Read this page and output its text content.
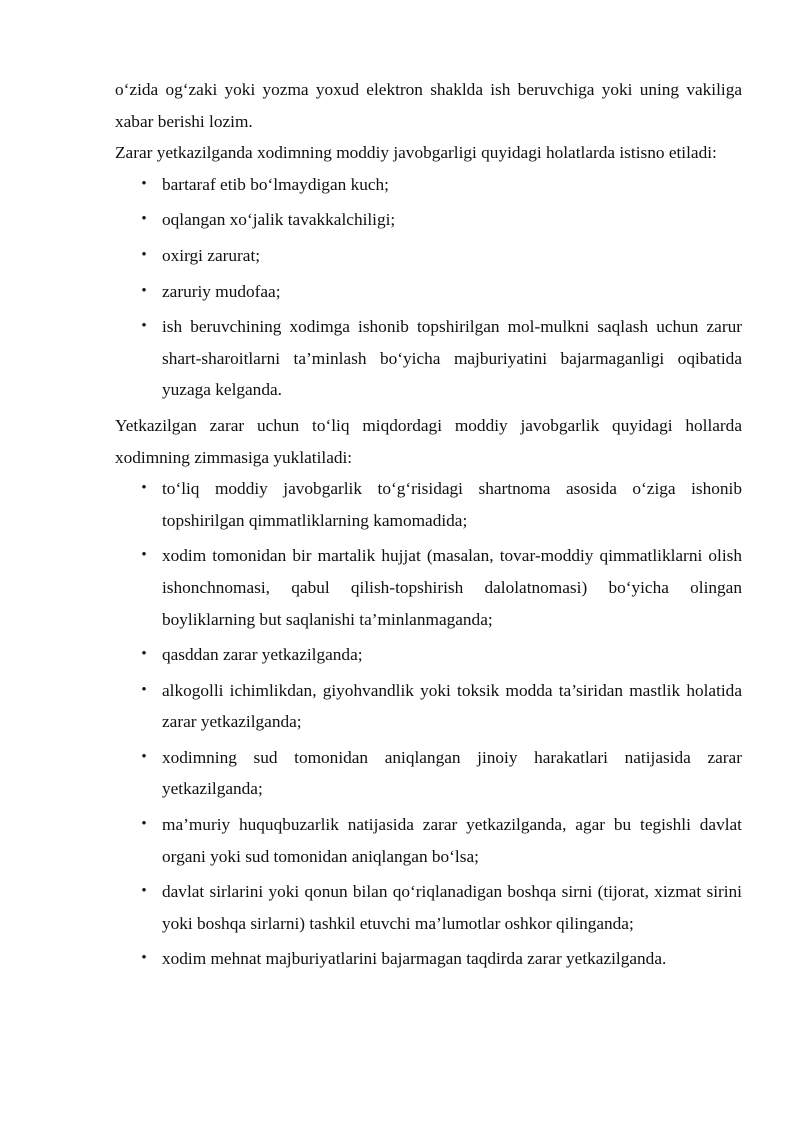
o‘zida og‘zaki yoki yozma yoxud elektron shaklda ish beruvchiga yoki uning vakiliga xabar berishi lozim.

Zarar yetkazilganda xodimning moddiy javobgarligi quyidagi holatlarda istisno etiladi:

• bartaraf etib bo‘lmaydigan kuch;
• oqlangan xo‘jalik tavakkalchiligi;
• oxirgi zarurat;
• zaruriy mudofaa;
• ish beruvchining xodimga ishonib topshirilgan mol-mulkni saqlash uchun zarur shart-sharoitlarni ta’minlash bo‘yicha majburiyatini bajarmaganligi oqibatida yuzaga kelganda.

Yetkazilgan zarar uchun to‘liq miqdordagi moddiy javobgarlik quyidagi hollarda xodimning zimmasiga yuklatiladi:

• to‘liq moddiy javobgarlik to‘g‘risidagi shartnoma asosida o‘ziga ishonib topshirilgan qimmatliklarning kamomadida;
• xodim tomonidan bir martalik hujjat (masalan, tovar-moddiy qimmatliklarni olish ishonchnomasi, qabul qilish-topshirish dalolatnomasi) bo‘yicha olingan boyliklarning but saqlanishi ta’minlanmaganda;
• qasddan zarar yetkazilganda;
• alkogolli ichimlikdan, giyohvandlik yoki toksik modda ta’siridan mastlik holatida zarar yetkazilganda;
• xodimning sud tomonidan aniqlangan jinoiy harakatlari natijasida zarar yetkazilganda;
• ma’muriy huquqbuzarlik natijasida zarar yetkazilganda, agar bu tegishli davlat organi yoki sud tomonidan aniqlangan bo‘lsa;
• davlat sirlarini yoki qonun bilan qo‘riqlanadigan boshqa sirni (tijorat, xizmat sirini yoki boshqa sirlarni) tashkil etuvchi ma’lumotlar oshkor qilinganda;
• xodim mehnat majburiyatlarini bajarmagan taqdirda zarar yetkazilganda.
